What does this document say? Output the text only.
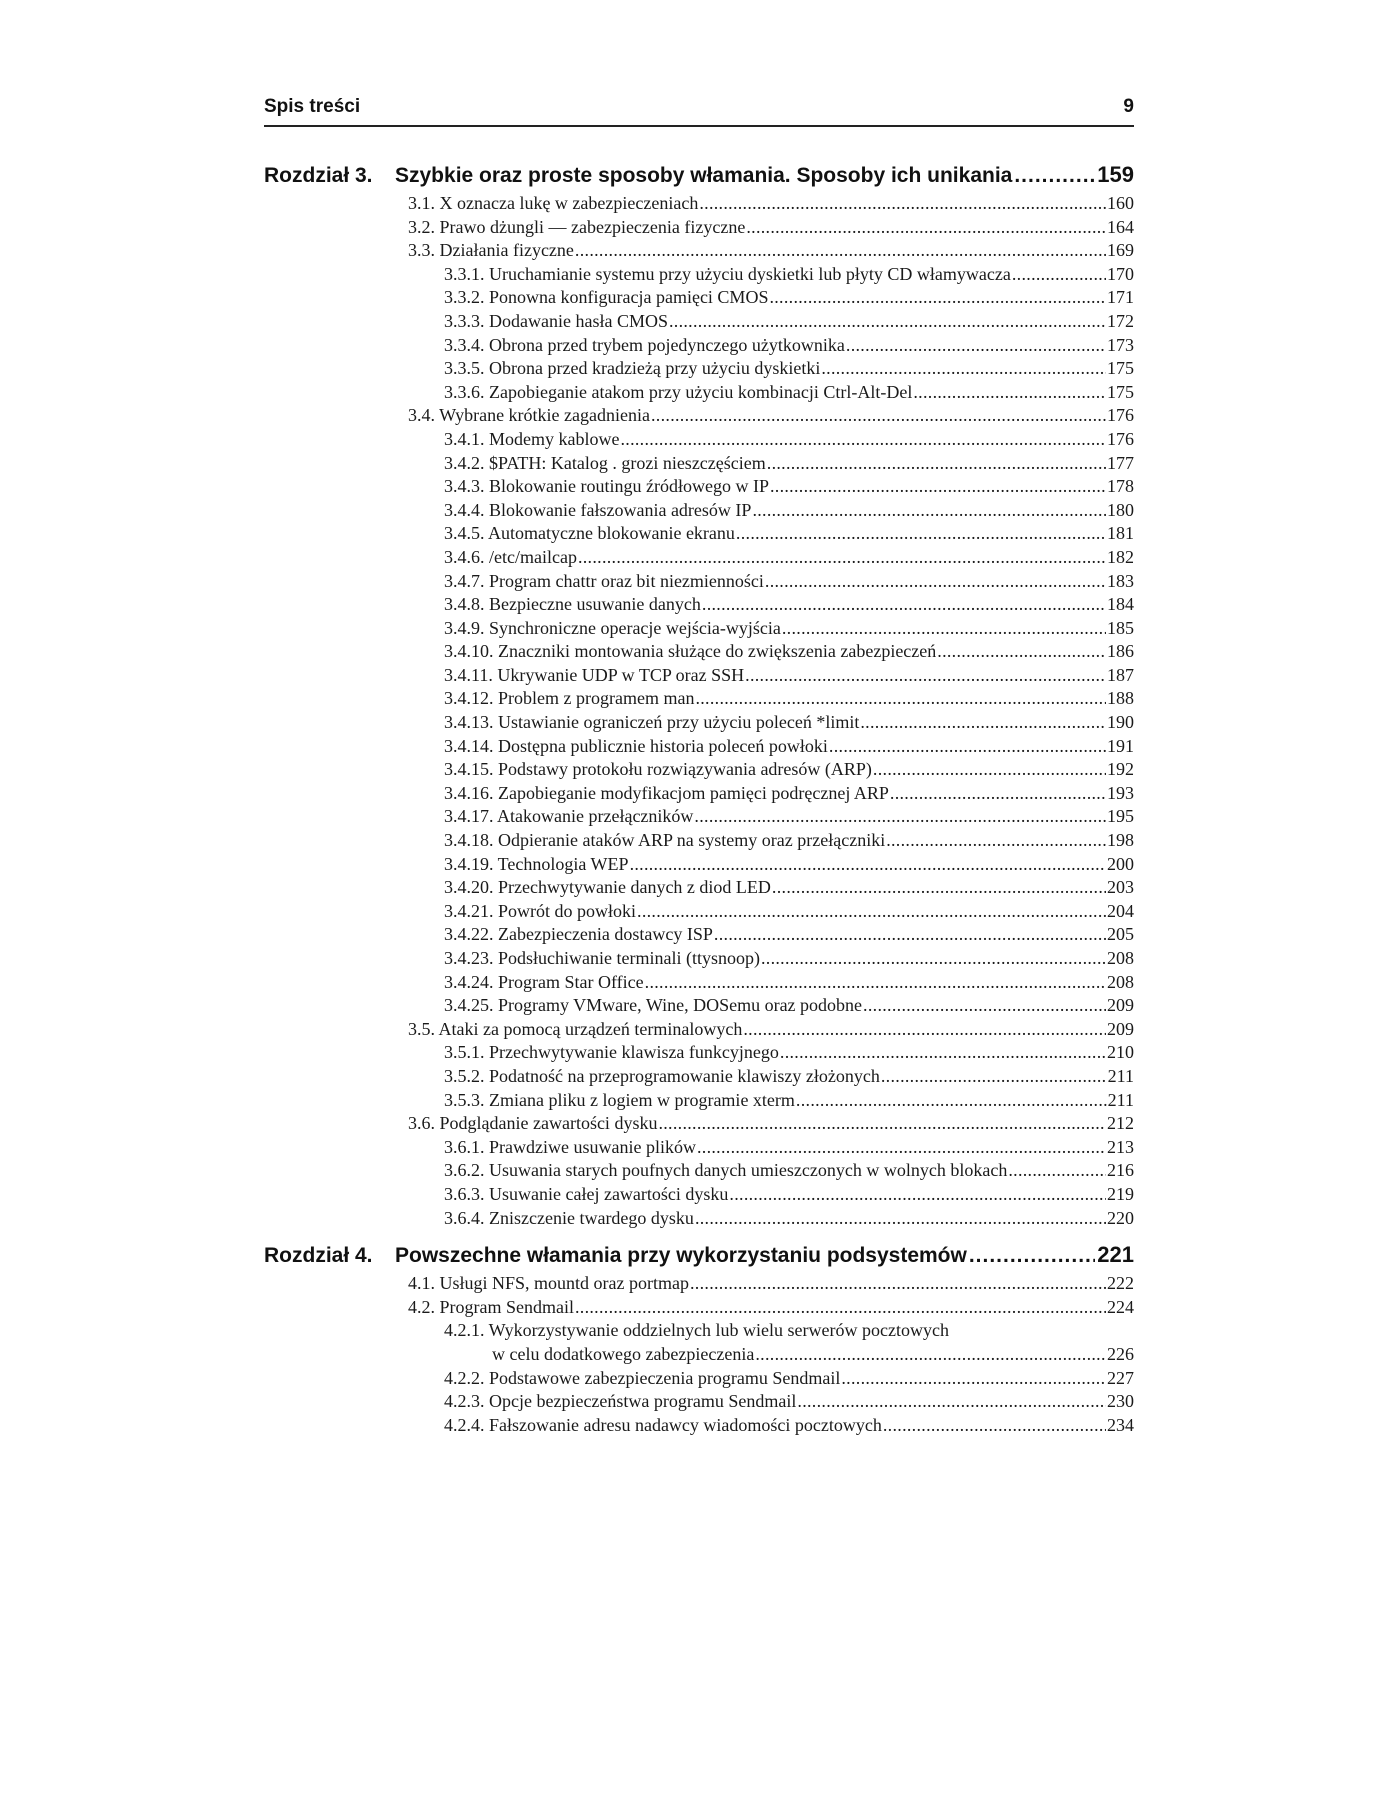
Spis treści	9
Rozdział 3.	Szybkie oraz proste sposoby włamania. Sposoby ich unikania .....	159
3.1. X oznacza lukę w zabezpieczeniach .....	160
3.2. Prawo dżungli — zabezpieczenia fizyczne .....	164
3.3. Działania fizyczne .....	169
3.3.1. Uruchamianie systemu przy użyciu dyskietki lub płyty CD włamywacza .....	170
3.3.2. Ponowna konfiguracja pamięci CMOS .....	171
3.3.3. Dodawanie hasła CMOS .....	172
3.3.4. Obrona przed trybem pojedynczego użytkownika .....	173
3.3.5. Obrona przed kradzieżą przy użyciu dyskietki .....	175
3.3.6. Zapobieganie atakom przy użyciu kombinacji Ctrl-Alt-Del .....	175
3.4. Wybrane krótkie zagadnienia .....	176
3.4.1. Modemy kablowe .....	176
3.4.2. $PATH: Katalog . grozi nieszczęściem .....	177
3.4.3. Blokowanie routingu źródłowego w IP .....	178
3.4.4. Blokowanie fałszowania adresów IP .....	180
3.4.5. Automatyczne blokowanie ekranu .....	181
3.4.6. /etc/mailcap .....	182
3.4.7. Program chattr oraz bit niezmienności .....	183
3.4.8. Bezpieczne usuwanie danych .....	184
3.4.9. Synchroniczne operacje wejścia-wyjścia .....	185
3.4.10. Znaczniki montowania służące do zwiększenia zabezpieczeń .....	186
3.4.11. Ukrywanie UDP w TCP oraz SSH .....	187
3.4.12. Problem z programem man .....	188
3.4.13. Ustawianie ograniczeń przy użyciu poleceń *limit .....	190
3.4.14. Dostępna publicznie historia poleceń powłoki .....	191
3.4.15. Podstawy protokołu rozwiązywania adresów (ARP) .....	192
3.4.16. Zapobieganie modyfikacjom pamięci podręcznej ARP .....	193
3.4.17. Atakowanie przełączników .....	195
3.4.18. Odpieranie ataków ARP na systemy oraz przełączniki .....	198
3.4.19. Technologia WEP .....	200
3.4.20. Przechwytywanie danych z diod LED .....	203
3.4.21. Powrót do powłoki .....	204
3.4.22. Zabezpieczenia dostawcy ISP .....	205
3.4.23. Podsłuchiwanie terminali (ttysnoop) .....	208
3.4.24. Program Star Office .....	208
3.4.25. Programy VMware, Wine, DOSemu oraz podobne .....	209
3.5. Ataki za pomocą urządzeń terminalowych .....	209
3.5.1. Przechwytywanie klawisza funkcyjnego .....	210
3.5.2. Podatność na przeprogramowanie klawiszy złożonych .....	211
3.5.3. Zmiana pliku z logiem w programie xterm .....	211
3.6. Podglądanie zawartości dysku .....	212
3.6.1. Prawdziwe usuwanie plików .....	213
3.6.2. Usuwania starych poufnych danych umieszczonych w wolnych blokach .....	216
3.6.3. Usuwanie całej zawartości dysku .....	219
3.6.4. Zniszczenie twardego dysku .....	220
Rozdział 4.	Powszechne włamania przy wykorzystaniu podsystemów .....	221
4.1. Usługi NFS, mountd oraz portmap .....	222
4.2. Program Sendmail .....	224
4.2.1. Wykorzystywanie oddzielnych lub wielu serwerów pocztowych
w celu dodatkowego zabezpieczenia .....	226
4.2.2. Podstawowe zabezpieczenia programu Sendmail .....	227
4.2.3. Opcje bezpieczeństwa programu Sendmail .....	230
4.2.4. Fałszowanie adresu nadawcy wiadomości pocztowych .....	234
